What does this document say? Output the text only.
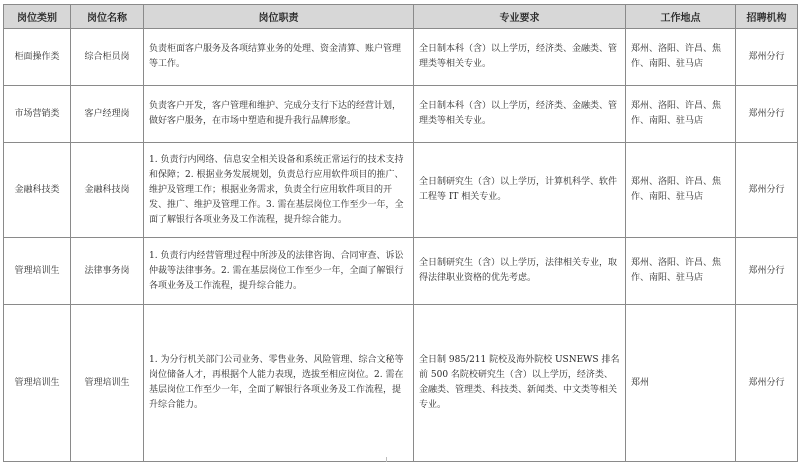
岗位类别	岗位名称	岗位职责	专业要求	工作地点	招聘机构
柜面操作类	综合柜员岗	负责柜面客户服务及各项结算业务的处理、资金清算、账户管理等工作。	全日制本科（含）以上学历，经济类、金融类、管理类等相关专业。	郑州、洛阳、许昌、焦作、南阳、驻马店	郑州分行
市场营销类	客户经理岗	负责客户开发，客户管理和维护、完成分支行下达的经营计划，做好客户服务，在市场中塑造和提升我行品牌形象。	全日制本科（含）以上学历，经济类、金融类、管理类等相关专业。	郑州、洛阳、许昌、焦作、南阳、驻马店	郑州分行
金融科技类	金融科技岗	1. 负责行内网络、信息安全相关设备和系统正常运行的技术支持和保障；2. 根据业务发展规划，负责总行应用软件项目的推广、维护及管理工作；根据业务需求，负责全行应用软件项目的开发、推广、维护及管理工作。3. 需在基层岗位工作至少一年，全面了解银行各项业务及工作流程，提升综合能力。	全日制研究生（含）以上学历，计算机科学、软件工程等 IT 相关专业。	郑州、洛阳、许昌、焦作、南阳、驻马店	郑州分行
管理培训生	法律事务岗	1. 负责行内经营管理过程中所涉及的法律咨询、合同审查、诉讼仲裁等法律事务。2. 需在基层岗位工作至少一年，全面了解银行各项业务及工作流程，提升综合能力。	全日制研究生（含）以上学历，法律相关专业，取得法律职业资格的优先考虑。	郑州、洛阳、许昌、焦作、南阳、驻马店	郑州分行
管理培训生	管理培训生	1. 为分行机关部门公司业务、零售业务、风险管理、综合文秘等岗位储备人才，再根据个人能力表现，选拔至相应岗位。2. 需在基层岗位工作至少一年，全面了解银行各项业务及工作流程，提升综合能力。	全日制 985/211 院校及海外院校 USNEWS 排名前 500 名院校研究生（含）以上学历，经济类、金融类、管理类、科技类、新闻类、中文类等相关专业。	郑州	郑州分行
